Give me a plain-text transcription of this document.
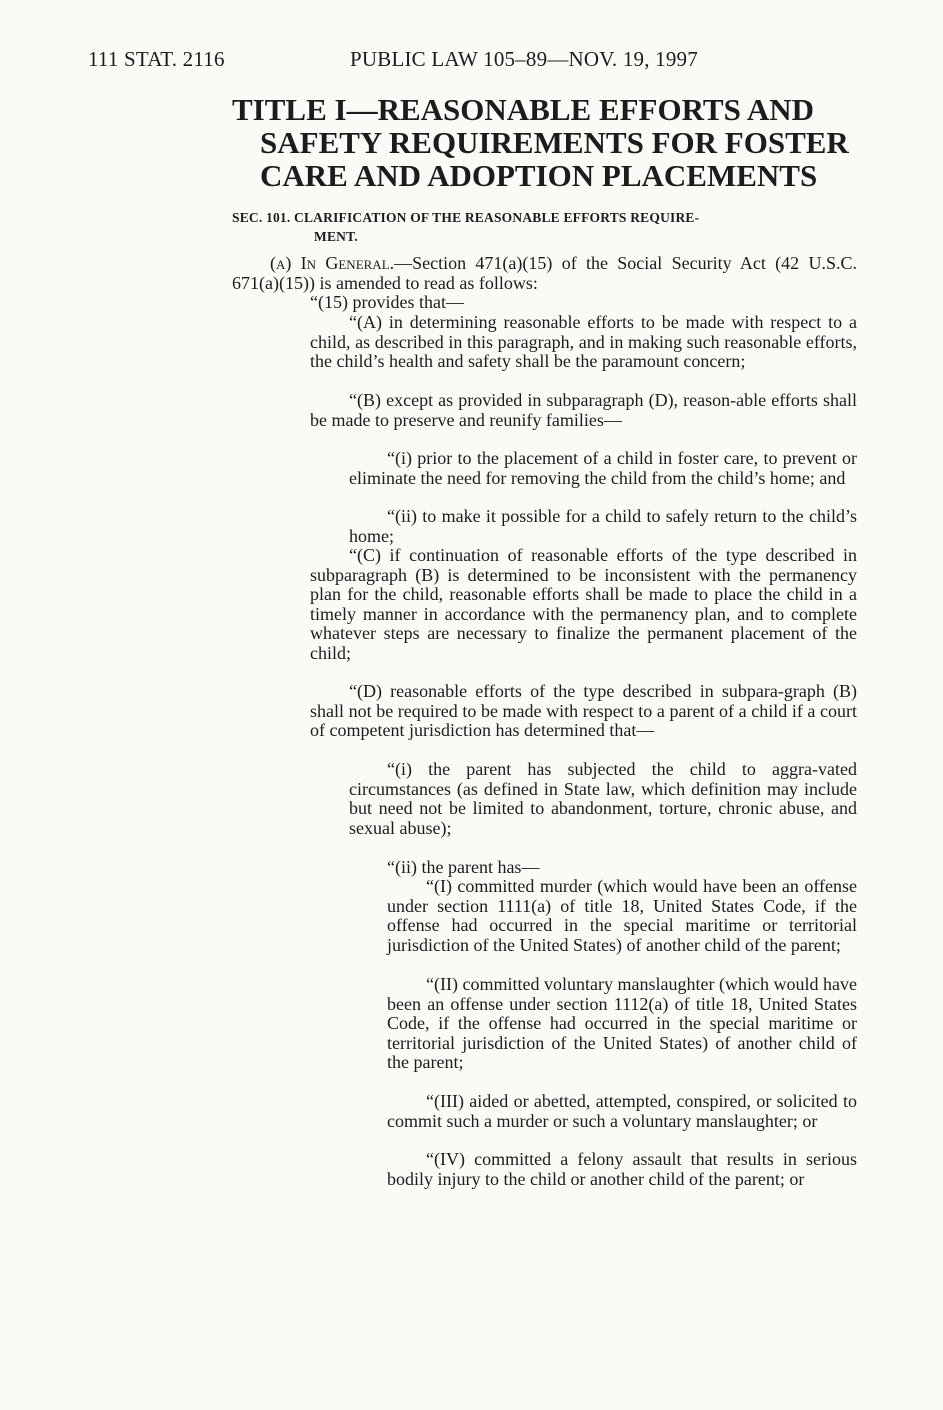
111 STAT. 2116	PUBLIC LAW 105–89—NOV. 19, 1997
TITLE I—REASONABLE EFFORTS AND
SAFETY REQUIREMENTS FOR FOSTER
CARE AND ADOPTION PLACEMENTS
SEC. 101. CLARIFICATION OF THE REASONABLE EFFORTS REQUIRE-
MENT.

(a) In General.—Section 471(a)(15) of the Social Security Act (42 U.S.C. 671(a)(15)) is amended to read as follows:

“(15) provides that—

“(A) in determining reasonable efforts to be made with respect to a child, as described in this paragraph, and in making such reasonable efforts, the child’s health and safety shall be the paramount concern;

“(B) except as provided in subparagraph (D), reason-able efforts shall be made to preserve and reunify families—

“(i) prior to the placement of a child in foster care, to prevent or eliminate the need for removing the child from the child’s home; and

“(ii) to make it possible for a child to safely return to the child’s home;

“(C) if continuation of reasonable efforts of the type described in subparagraph (B) is determined to be inconsistent with the permanency plan for the child, reasonable efforts shall be made to place the child in a timely manner in accordance with the permanency plan, and to complete whatever steps are necessary to finalize the permanent placement of the child;

“(D) reasonable efforts of the type described in subpara-graph (B) shall not be required to be made with respect to a parent of a child if a court of competent jurisdiction has determined that—

“(i) the parent has subjected the child to aggra-vated circumstances (as defined in State law, which definition may include but need not be limited to abandonment, torture, chronic abuse, and sexual abuse);

“(ii) the parent has—

“(I) committed murder (which would have been an offense under section 1111(a) of title 18, United States Code, if the offense had occurred in the special maritime or territorial jurisdiction of the United States) of another child of the parent;

“(II) committed voluntary manslaughter (which would have been an offense under section 1112(a) of title 18, United States Code, if the offense had occurred in the special maritime or territorial jurisdiction of the United States) of another child of the parent;

“(III) aided or abetted, attempted, conspired, or solicited to commit such a murder or such a voluntary manslaughter; or

“(IV) committed a felony assault that results in serious bodily injury to the child or another child of the parent; or
